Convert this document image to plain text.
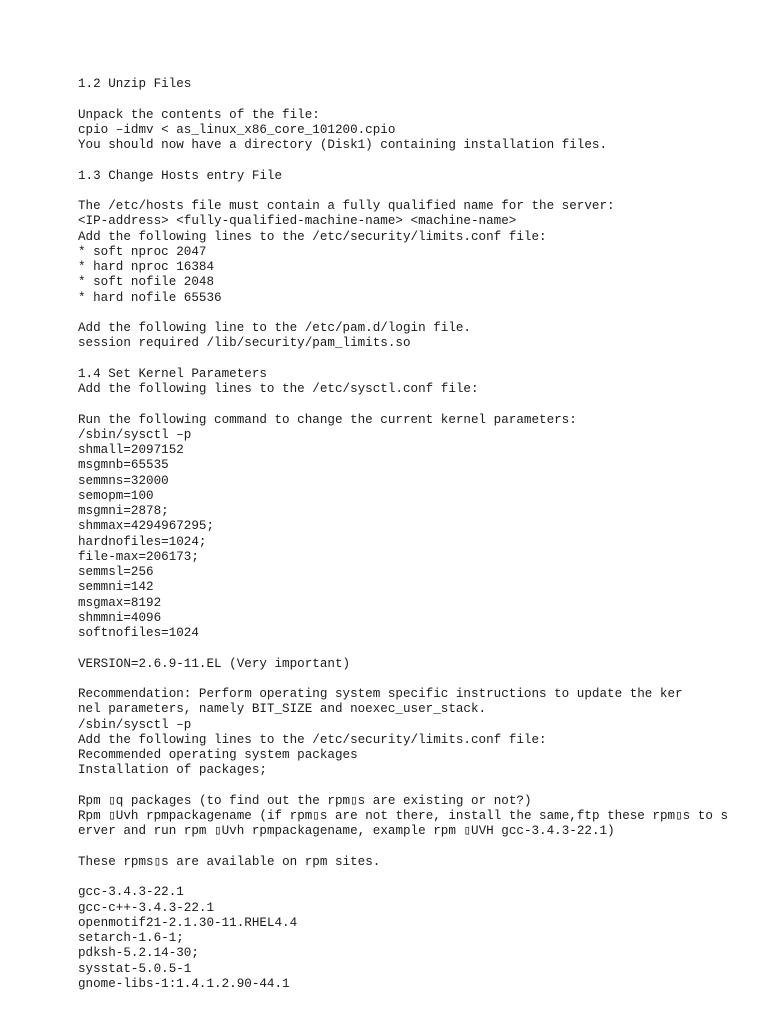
1.2 Unzip Files
Unpack the contents of the file:
cpio –idmv < as_linux_x86_core_101200.cpio
You should now have a directory (Disk1) containing installation files.
1.3 Change Hosts entry File
The /etc/hosts file must contain a fully qualified name for the server:
<IP-address> <fully-qualified-machine-name> <machine-name>
Add the following lines to the /etc/security/limits.conf file:
* soft nproc 2047
* hard nproc 16384
* soft nofile 2048
* hard nofile 65536
Add the following line to the /etc/pam.d/login file.
session required /lib/security/pam_limits.so
1.4 Set Kernel Parameters
Add the following lines to the /etc/sysctl.conf file:
Run the following command to change the current kernel parameters:
/sbin/sysctl –p
shmall=2097152
msgmnb=65535
semmns=32000
semopm=100
msgmni=2878;
shmmax=4294967295;
hardnofiles=1024;
file-max=206173;
semmsl=256
semmni=142
msgmax=8192
shmmni=4096
softnofiles=1024
VERSION=2.6.9-11.EL (Very important)
Recommendation: Perform operating system specific instructions to update the ker
nel parameters, namely BIT_SIZE and noexec_user_stack.
/sbin/sysctl –p
Add the following lines to the /etc/security/limits.conf file:
Recommended operating system packages
Installation of packages;
Rpm ▯q packages (to find out the rpm▯s are existing or not?)
Rpm ▯Uvh rpmpackagename (if rpm▯s are not there, install the same,ftp these rpm▯s to s
erver and run rpm ▯Uvh rpmpackagename, example rpm ▯UVH gcc-3.4.3-22.1)
These rpms▯s are available on rpm sites.
gcc-3.4.3-22.1
gcc-c++-3.4.3-22.1
openmotif21-2.1.30-11.RHEL4.4
setarch-1.6-1;
pdksh-5.2.14-30;
sysstat-5.0.5-1
gnome-libs-1:1.4.1.2.90-44.1
